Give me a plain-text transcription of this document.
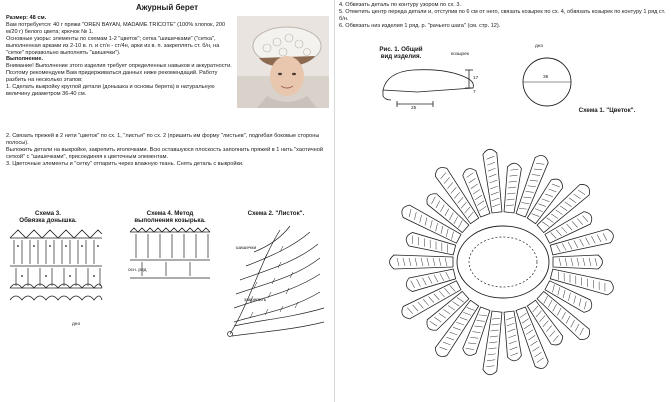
Ажурный берет

Размер: 48 см.

Вам потребуется: 40 г пряжи "OREN BAYAN, MADAME TRICOTE" (100% хлопок, 200 м/20 г) белого цвета; крючок № 1.

Основные узоры: элементы по схемам 1-2 "цветок"; сетка "шишечками" ("сетка", выполненная арками из 2-10 в. п. и ст/н - ст/4н, арки из в. п. закреплять ст. б/н, на "сетке" произвольно выполнять "шишечки").

Выполнение.

Внимание! Выполнение этого изделия требует определенных навыков и аккуратности.

Поэтому рекомендуем Вам придерживаться данных ниже рекомендаций. Работу разбить на несколько этапов:

1. Сделать выкройку круглой детали (донышка и основы берета) в натуральную величину диаметром 36-40 см.

2. Связать прежей в 2 нити "цветок" по сх. 1, "листья" по сх. 2 (пришить им форму "листьев", подгибая боковые стороны полосы).

Выложить детали на выкройке, закрепить иголочками. Всю оставшуюся плоскость заполнить пряжей в 1 нить "хаотичной сеткой" с "шишечками", присоединяя к цветочным элементам.

3. Цветочные элементы и "сетку" отпарить через влажную ткань. Снять деталь с выкройки.

Схема 3.
Обвязка донышка.
Схема 4. Метод
выполнения козырька.
осн. ряд
Схема 2. "Листок".
шишечки
закрепить
дно

4. Обвязать деталь по контуру узором по сх. 3.

5. Отметить центр переда детали и, отступив по 6 см от него, связать козырек по сх. 4, обвязать козырек по контуру 1 ряд ст. б/н.

6. Обвязать низ изделия 1 ряд. р. "рачьего шага" (см. стр. 12).

Рис. 1. Общий
вид изделия.	козырек
дно
17
7
25
36
Схема 1. "Цветок".
